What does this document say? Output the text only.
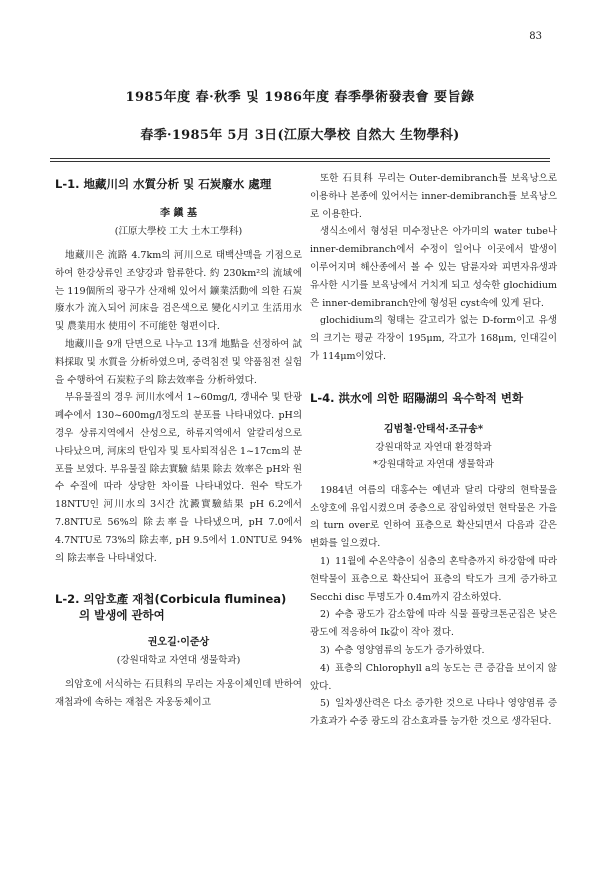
83
1985年度 春·秋季 및 1986年度 春季學術發表會 要旨錄
春季·1985年 5月 3日(江原大學校 自然大 生物學科)
L-1. 地藏川의 水質分析 및 石炭廢水 處理
李 鎭 基
(江原大學校 工大 土木工學科)

地藏川은 流路 4.7km의 河川으로 태백산맥을 기점으로 하여 한강상류인 조양강과 합류한다. 約 230km²의 流域에는 119個所의 광구가 산재해 있어서 鑛業活動에 의한 石炭廢水가 流入되어 河床을 검은색으로 變化시키고 生活用水 및 農業用水 使用이 不可能한 형편이다.

地藏川을 9개 단면으로 나누고 13개 地點을 선정하여 試料採取 및 水質을 分析하였으며, 중력침전 및 약품침전 실험을 수행하여 石炭粒子의 除去效率을 分析하였다.

부유물질의 경우 河川水에서 1~60mg/l, 갱내수 및 탄광 폐수에서 130~600mg/l정도의 분포를 나타내었다. pH의 경우 상류지역에서 산성으로, 하류지역에서 알칼리성으로 나타났으며, 河床의 탄입자 및 토사퇴적심은 1~17cm의 분포를 보였다. 부유물질 除去實驗 結果 除去 效率은 pH와 원수 수질에 따라 상당한 차이를 나타내었다. 원수 탁도가 18NTU인 河川水의 3시간 沈澱實驗結果 pH 6.2에서 7.8NTU로 56%의 除去率을 나타냈으며, pH 7.0에서 4.7NTU로 73%의 除去率, pH 9.5에서 1.0NTU로 94%의 除去率을 나타내었다.

L-2. 의암호產 재첩(Corbicula fluminea)
의 발생에 관하여
권오길·이준상
(강원대학교 자연대 생물학과)

의암호에 서식하는 石貝科의 무리는 자웅이체인데 반하여 재첩과에 속하는 재첩은 자웅동체이고

또한 石貝科 무리는 Outer-demibranch를 보육낭으로 이용하나 본종에 있어서는 inner-demibranch를 보육낭으로 이용한다.

생식소에서 형성된 미수정난은 아가미의 water tube나 inner-demibranch에서 수정이 일어나 이곳에서 발생이 이루어지며 해산종에서 볼 수 있는 담륜자와 피면자유생과 유사한 시기를 보육낭에서 거치게 되고 성숙한 glochidium은 inner-demibranch안에 형성된 cyst속에 있게 된다.

glochidium의 형태는 갈고리가 없는 D-form이고 유생의 크기는 평균 각장이 195μm, 각고가 168μm, 인대길이가 114μm이었다.

L-4. 洪水에 의한 昭陽湖의 육수학적 변화
김범철·안태석·조규송*
강원대학교 자연대 환경학과
*강원대학교 자연대 생물학과

1984년 여름의 대홍수는 예년과 달리 다량의 현탁물을 소양호에 유입시켰으며 중층으로 잠입하였던 현탁물은 가을의 turn over로 인하여 표층으로 확산되면서 다음과 같은 변화를 일으켰다.

1) 11월에 수온약층이 심층의 혼탁층까지 하강함에 따라 현탁물이 표층으로 확산되어 표층의 탁도가 크게 증가하고 Secchi disc 투명도가 0.4m까지 감소하였다.

2) 수층 광도가 감소함에 따라 식물 플랑크톤군집은 낮은 광도에 적응하여 Ik값이 작아 졌다.

3) 수층 영양염류의 농도가 증가하였다.

4) 표층의 Chlorophyll a의 농도는 큰 증감을 보이지 않았다.

5) 일차생산력은 다소 증가한 것으로 나타나 영양염류 증가효과가 수중 광도의 감소효과를 능가한 것으로 생각된다.
